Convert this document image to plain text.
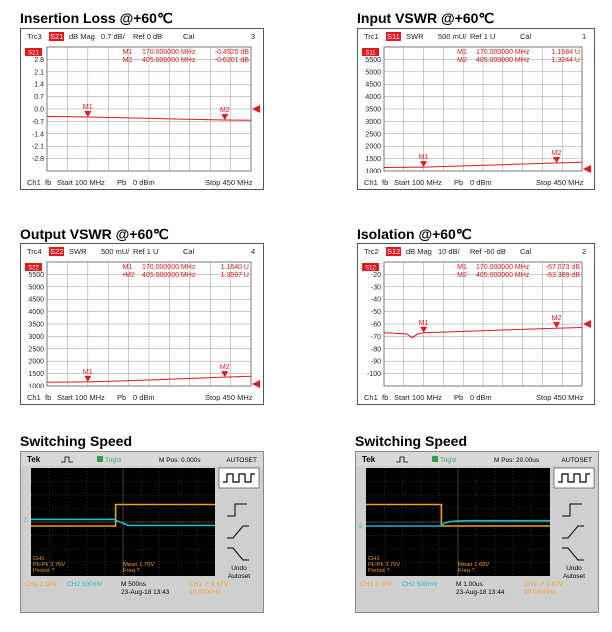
Insertion Loss @+60℃
Trc3 S21 dB Mag 0.7 dB/ Ref 0 dB	Cal	3
Ch1 fb Start 100 MHz Pb 0 dBm	Stop 450 MHz
2.8
2.1
1.4
0.7
0.0
-0.7
-1.4
-2.1
-2.8
S21	M1 170.000000 MHz	-0.4525 dB
M2 405.000000 MHz	-0.6201 dB
M1	M2
Input VSWR @+60℃
Trc1 S11 SWR 500 mU/ Ref 1 U	Cal	1
Ch1 fb Start 100 MHz Pb 0 dBm	Stop 450 MHz
5500
5000
4500
4000
3500
3000
2500
2000
1500
1000
S11	M1 170.000000 MHz	1.1584 U
M2 405.000000 MHz	1.3244 U
M1
M2
Output VSWR @+60℃
Trc4 S22 SWR 500 mU/ Ref 1 U	Cal	4
Ch1 fb Start 100 MHz Pb 0 dBm	Stop 450 MHz
5500
5000
4500
4000
3500
3000
2500
2000
1500
1000
S22	M1 170.000000 MHz	1.1640 U
•M2 405.000000 MHz	1.3597 U
M1
M2
Isolation @+60℃
Trc2 S12 dB Mag 10 dB/ Ref -60 dB Cal	2
Ch1 fb Start 100 MHz Pb 0 dBm	Stop 450 MHz
-20
-30
-40
-50
-60
-70
-80
-90
-100
S12	M1 170.000000 MHz -67.073 dB
M2 405.000000 MHz -63.369 dB
M1
M2
Switching Speed
Tek	Trig'd	M Pos: 0.000s	AUTOSET
2
Undo
Autoset
CH1
Pk-Pk 3.76V
Period ?
Mean 1.70V
Freq ?
CH1 2.00V CH2 500mV	M 500ns
23-Aug-18 13:43
CH1 ↗ 1.67V
10.0000Hz
Switching Speed
Tek	Trig'd	M Pos: 20.00us	AUTOSET
2
Undo
Autoset
CH1
Pk-Pk 3.76V
Period ?
Mean 1.68V
Freq ?
CH1 2.00V CH2 500mV	M 1.00us
23-Aug-18 13:44
CH1 ↗ 1.67V
10.0000Hz
